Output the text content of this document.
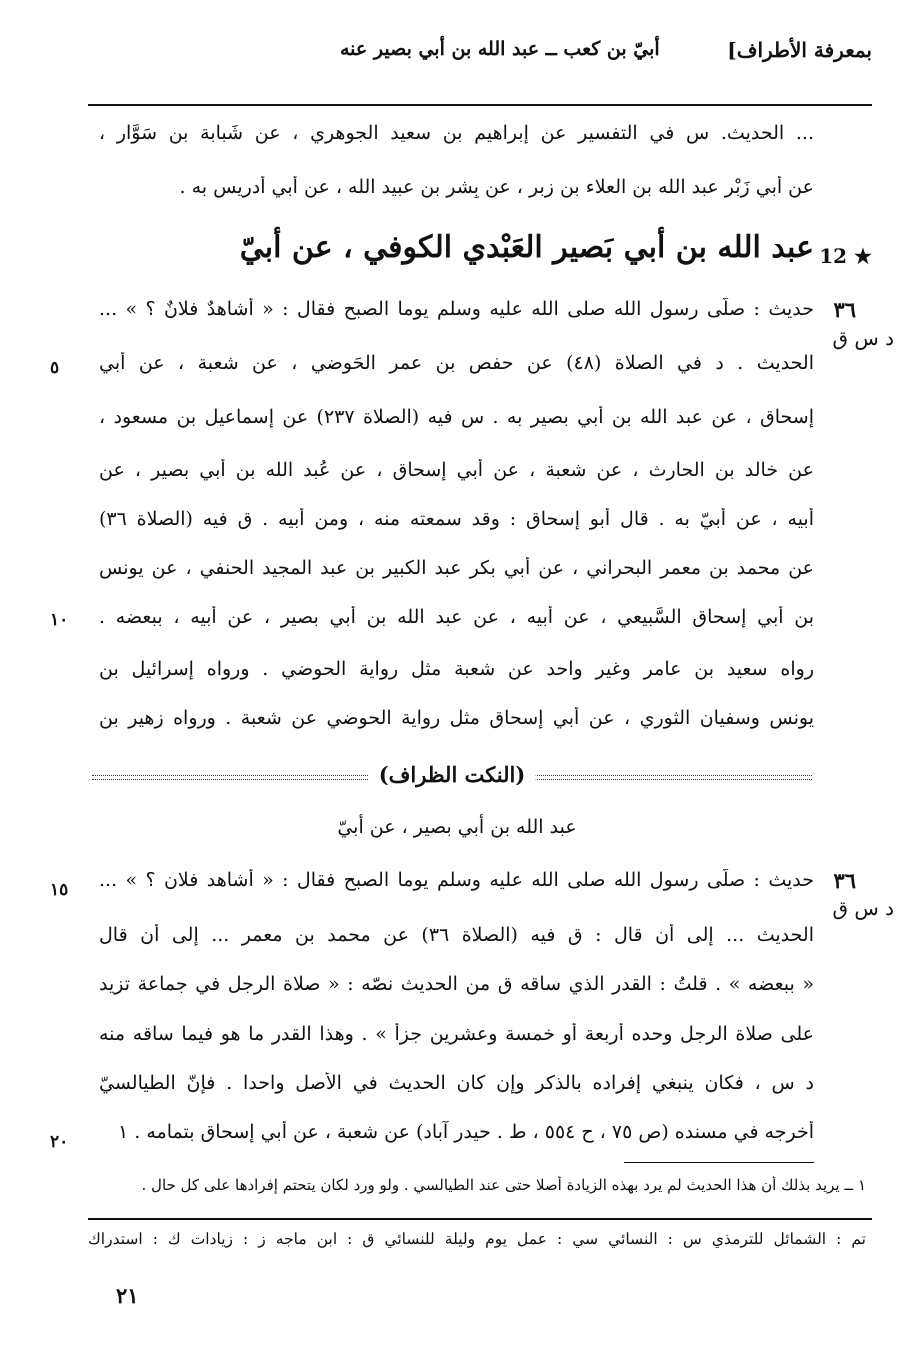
بمعرفة الأطراف]
أبيّ بن كعب ــ عبد الله بن أبي بصير عنه
... الحديث. س في التفسير عن إبراهيم بن سعيد الجوهري ، عن شَبابة بن سَوَّار ،
عن أبي زَبْر عبد الله بن العلاء بن زبر ، عن بِشر بن عبيد الله ، عن أبي أدريس به .
12 ★
عبد الله بن أبي بَصير العَبْدي الكوفي ، عن أبيّ
٣٦
د س ق
حديث : صلّى رسول الله صلى الله عليه وسلم يوما الصبح فقال : « أشاهدٌ فلانٌ ؟ » ...
الحديث . د في الصلاة (٤٨) عن حفص بن عمر الحَوضي ، عن شعبة ، عن أبي
إسحاق ، عن عبد الله بن أبي بصير به . س فيه (الصلاة ٢٣٧) عن إسماعيل بن مسعود ،
عن خالد بن الحارث ، عن شعبة ، عن أبي إسحاق ، عن عُبد الله بن أبي بصير ، عن
أبيه ، عن أبيّ به . قال أبو إسحاق : وقد سمعته منه ، ومن أبيه . ق فيه (الصلاة ٣٦)
عن محمد بن معمر البحراني ، عن أبي بكر عبد الكبير بن عبد المجيد الحنفي ، عن يونس
بن أبي إسحاق السَّبيعي ، عن أبيه ، عن عبد الله بن أبي بصير ، عن أبيه ، ببعضه .
رواه سعيد بن عامر وغير واحد عن شعبة مثل رواية الحوضي . ورواه إسرائيل بن
يونس وسفيان الثوري ، عن أبي إسحاق مثل رواية الحوضي عن شعبة . ورواه زهير بن
٥
١٠
(النكت الظراف)
عبد الله بن أبي بصير ، عن أبيّ
٣٦
د س ق
حديث : صلّى رسول الله صلى الله عليه وسلم يوما الصبح فقال : « أشاهد فلان ؟ » ...
الحديث ... إلى أن قال : ق فيه (الصلاة ٣٦) عن محمد بن معمر ... إلى أن قال
« ببعضه » . قلتُ : القدر الذي ساقه ق من الحديث نصّه : « صلاة الرجل في جماعة تزيد
على صلاة الرجل وحده أربعة أو خمسة وعشرين جزأ » . وهذا القدر ما هو فيما ساقه منه
د س ، فكان ينبغي إفراده بالذكر وإن كان الحديث في الأصل واحدا . فإنّ الطيالسيّ
أخرجه في مسنده (ص ٧٥ ، ح ٥٥٤ ، ط . حيدر آباد) عن شعبة ، عن أبي إسحاق بتمامه . ١
١٥
٢٠
١ ــ يريد بذلك أن هذا الحديث لم يرد بهذه الزيادة أصلا حتى عند الطيالسي . ولو ورد لكان يتحتم إفرادها على كل حال .
تم : الشمائل للترمذي س : النسائي سي : عمل يوم وليلة للنسائي ق : ابن ماجه ز : زيادات ك : استدراك
٢١
